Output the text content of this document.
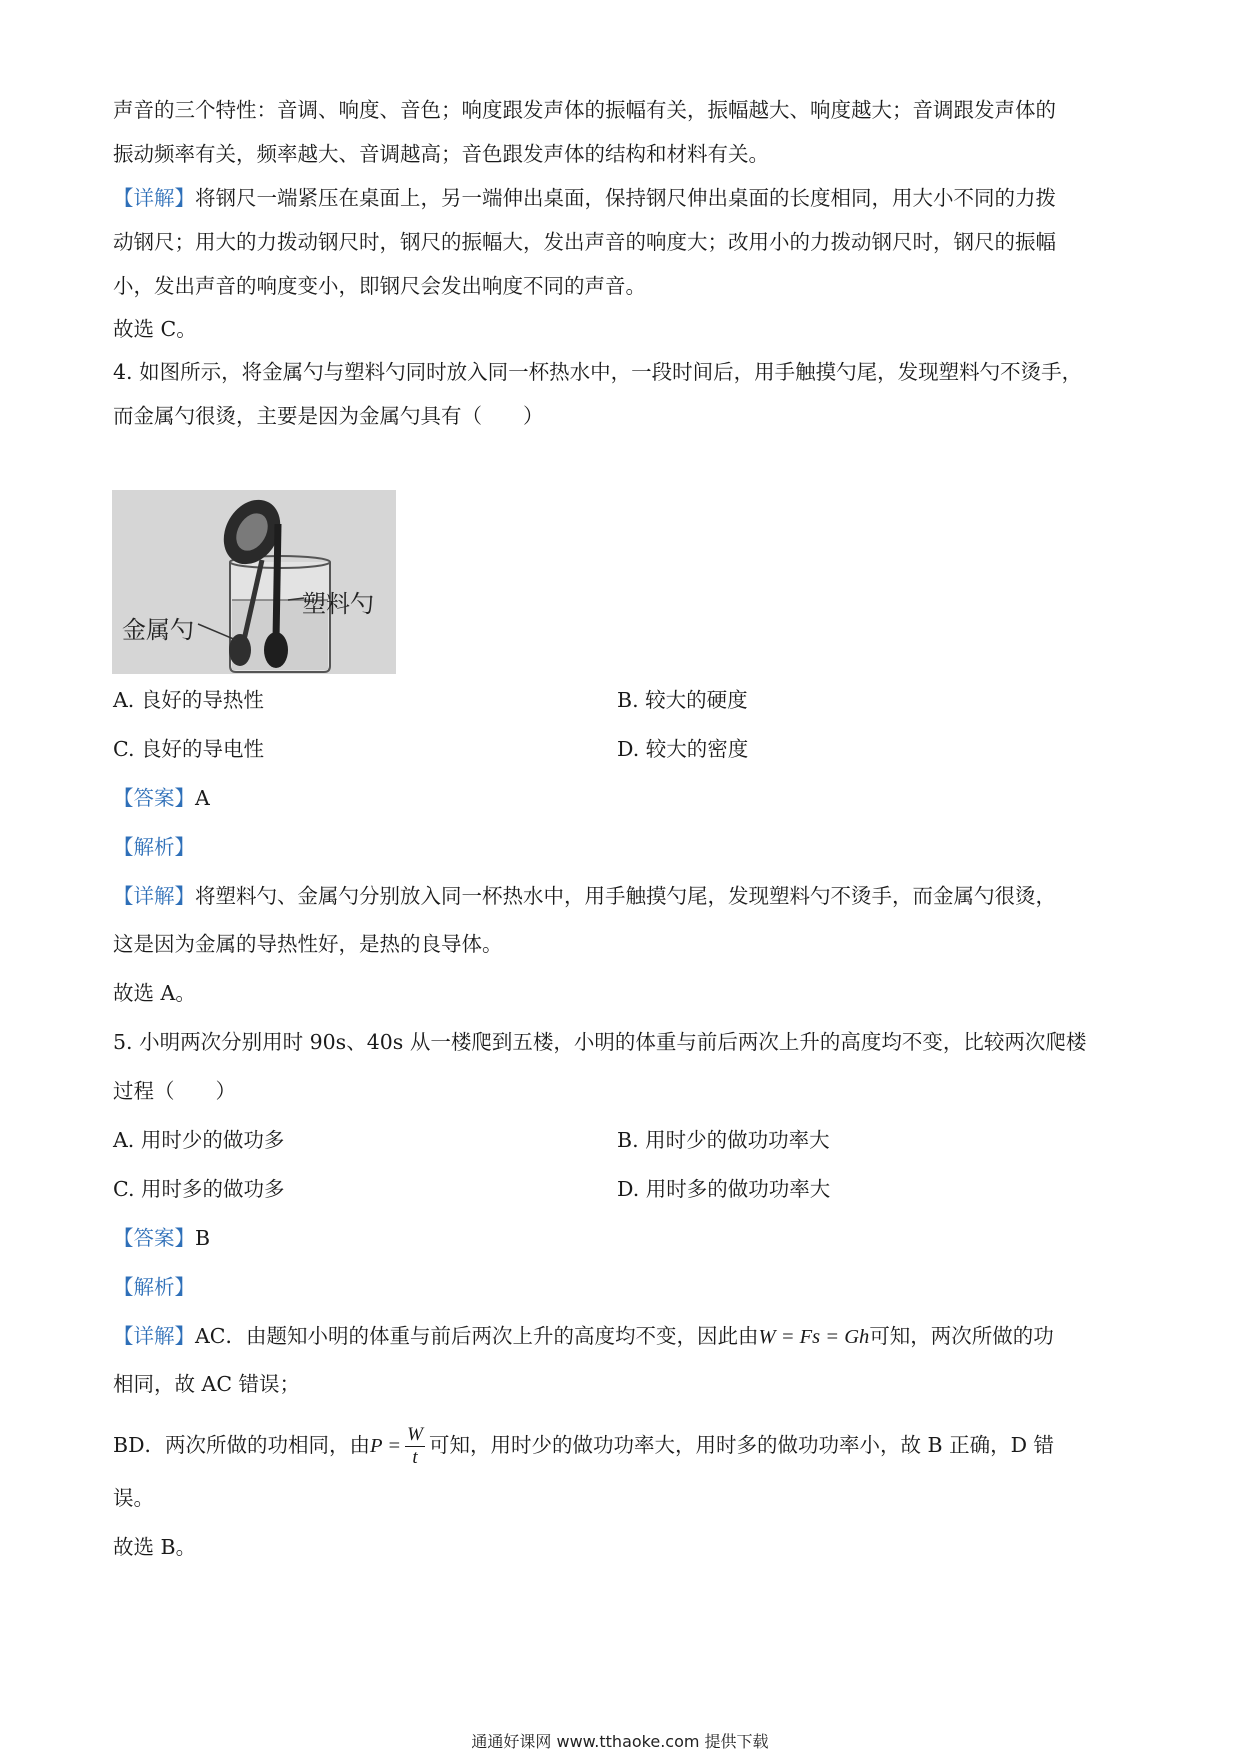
声音的三个特性：音调、响度、音色；响度跟发声体的振幅有关，振幅越大、响度越大；音调跟发声体的
振动频率有关，频率越大、音调越高；音色跟发声体的结构和材料有关。
【详解】将钢尺一端紧压在桌面上，另一端伸出桌面，保持钢尺伸出桌面的长度相同，用大小不同的力拨
动钢尺；用大的力拨动钢尺时，钢尺的振幅大，发出声音的响度大；改用小的力拨动钢尺时，钢尺的振幅
小，发出声音的响度变小，即钢尺会发出响度不同的声音。
故选 C。
4. 如图所示，将金属勺与塑料勺同时放入同一杯热水中，一段时间后，用手触摸勺尾，发现塑料勺不烫手，
而金属勺很烫，主要是因为金属勺具有（　　）
塑料勺
金属勺
A. 良好的导热性	B. 较大的硬度
C. 良好的导电性	D. 较大的密度
【答案】A
【解析】
【详解】将塑料勺、金属勺分别放入同一杯热水中，用手触摸勺尾，发现塑料勺不烫手，而金属勺很烫，
这是因为金属的导热性好，是热的良导体。
故选 A。
5. 小明两次分别用时 90s、40s 从一楼爬到五楼，小明的体重与前后两次上升的高度均不变，比较两次爬楼
过程（　　）
A. 用时少的做功多	B. 用时少的做功功率大
C. 用时多的做功多	D. 用时多的做功功率大
【答案】B
【解析】
【详解】AC．由题知小明的体重与前后两次上升的高度均不变，因此由W = Fs = Gh可知，两次所做的功
相同，故 AC 错误；
BD．两次所做的功相同，由$P = \frac{W}{t}$ 可知，用时少的做功功率大，用时多的做功功率小，故 B 正确，D 错
误。
故选 B。
通通好课网 www.tthaoke.com 提供下载
